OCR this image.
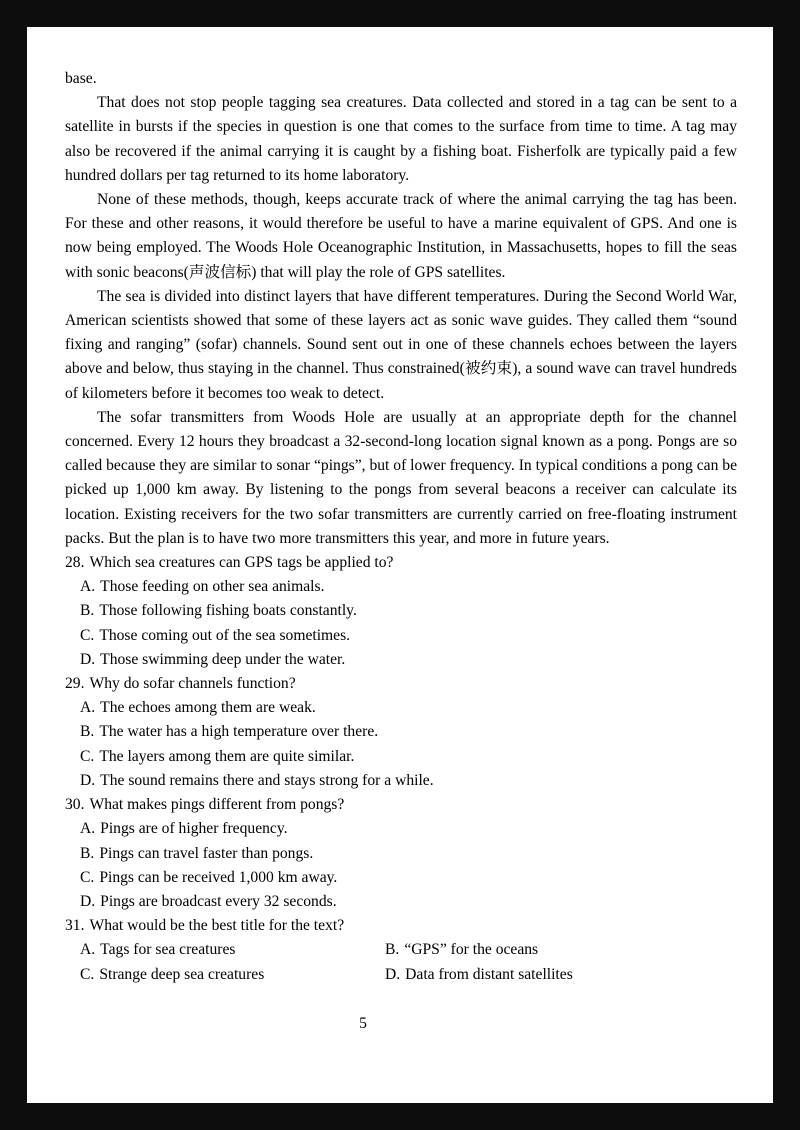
base.

That does not stop people tagging sea creatures. Data collected and stored in a tag can be sent to a satellite in bursts if the species in question is one that comes to the surface from time to time. A tag may also be recovered if the animal carrying it is caught by a fishing boat. Fisherfolk are typically paid a few hundred dollars per tag returned to its home laboratory.

None of these methods, though, keeps accurate track of where the animal carrying the tag has been. For these and other reasons, it would therefore be useful to have a marine equivalent of GPS. And one is now being employed. The Woods Hole Oceanographic Institution, in Massachusetts, hopes to fill the seas with sonic beacons(声波信标) that will play the role of GPS satellites.

The sea is divided into distinct layers that have different temperatures. During the Second World War, American scientists showed that some of these layers act as sonic wave guides. They called them “sound fixing and ranging” (sofar) channels. Sound sent out in one of these channels echoes between the layers above and below, thus staying in the channel. Thus constrained(被约束), a sound wave can travel hundreds of kilometers before it becomes too weak to detect.

The sofar transmitters from Woods Hole are usually at an appropriate depth for the channel concerned. Every 12 hours they broadcast a 32-second-long location signal known as a pong. Pongs are so called because they are similar to sonar “pings”, but of lower frequency. In typical conditions a pong can be picked up 1,000 km away. By listening to the pongs from several beacons a receiver can calculate its location. Existing receivers for the two sofar transmitters are currently carried on free-floating instrument packs. But the plan is to have two more transmitters this year, and more in future years.

28. Which sea creatures can GPS tags be applied to?
A. Those feeding on other sea animals.
B. Those following fishing boats constantly.
C. Those coming out of the sea sometimes.
D. Those swimming deep under the water.
29. Why do sofar channels function?
A. The echoes among them are weak.
B. The water has a high temperature over there.
C. The layers among them are quite similar.
D. The sound remains there and stays strong for a while.
30. What makes pings different from pongs?
A. Pings are of higher frequency.
B. Pings can travel faster than pongs.
C. Pings can be received 1,000 km away.
D. Pings are broadcast every 32 seconds.
31. What would be the best title for the text?
A. Tags for sea creatures	B. “GPS” for the oceans
C. Strange deep sea creatures	D. Data from distant satellites
5
